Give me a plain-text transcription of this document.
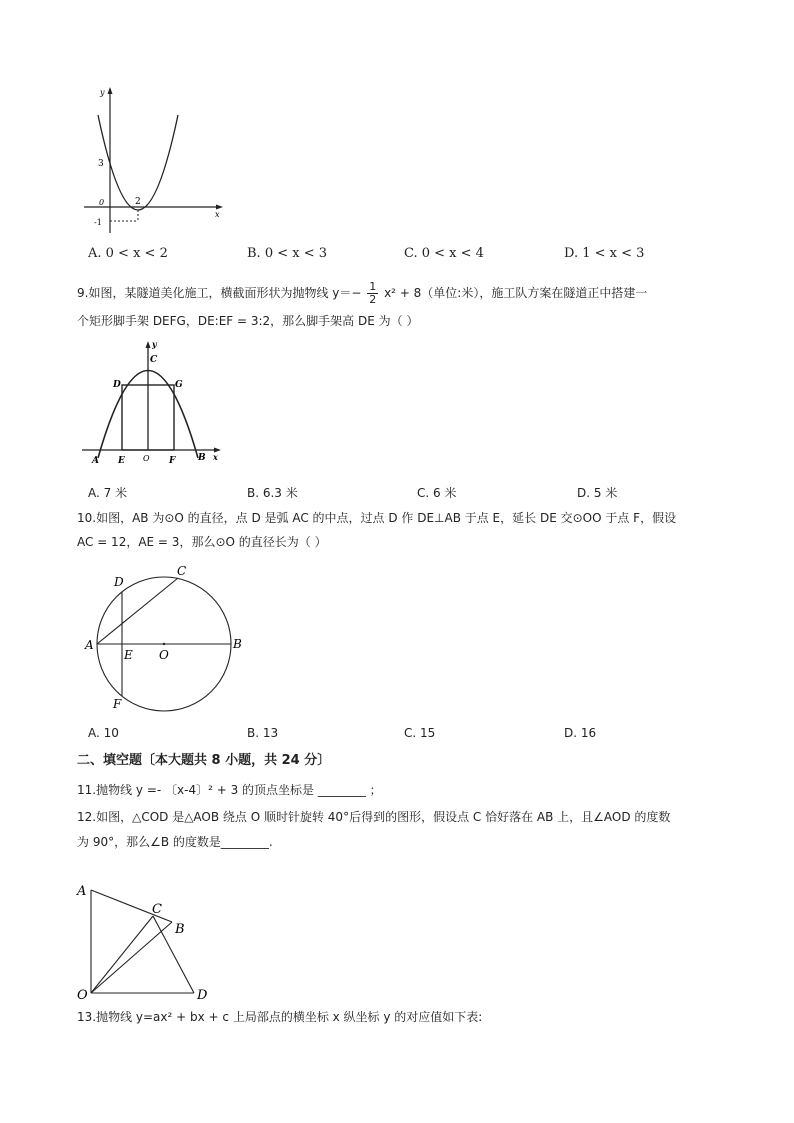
y
x
3
0	2
-1
A. 0 < x < 2	B. 0 < x < 3	C. 0 < x < 4	D. 1 < x < 3
9.如图，某隧道美化施工，横截面形状为抛物线 $y=- \frac{1}{2} x^2 + 8$（单位:米），施工队方案在隧道正中搭建一
个矩形脚手架 DEFG，DE:EF = 3:2，那么脚手架高 DE 为（ ）
y
C
D	G
A E O F	B x
A. 7 米	B. 6.3 米	C. 6 米	D. 5 米
10.如图，AB 为⊙O 的直径，点 D 是弧 AC 的中点，过点 D 作 DE⊥AB 于点 E，延长 DE 交⊙OO 于点 F，假设
AC = 12，AE = 3，那么⊙O 的直径长为（ ）
D
C
A
E O
B
F
A. 10	B. 13	C. 15	D. 16
二、填空题〔本大题共 8 小题，共 24 分〕
11.抛物线 y =- 〔x-4〕² + 3 的顶点坐标是 ________ ；
12.如图，△COD 是△AOB 绕点 O 顺时针旋转 40°后得到的图形，假设点 C 恰好落在 AB 上，且∠AOD 的度数
为 90°，那么∠B 的度数是________.
A
C
B
O	D
13.抛物线 y=ax² + bx + c 上局部点的横坐标 x 纵坐标 y 的对应值如下表:
